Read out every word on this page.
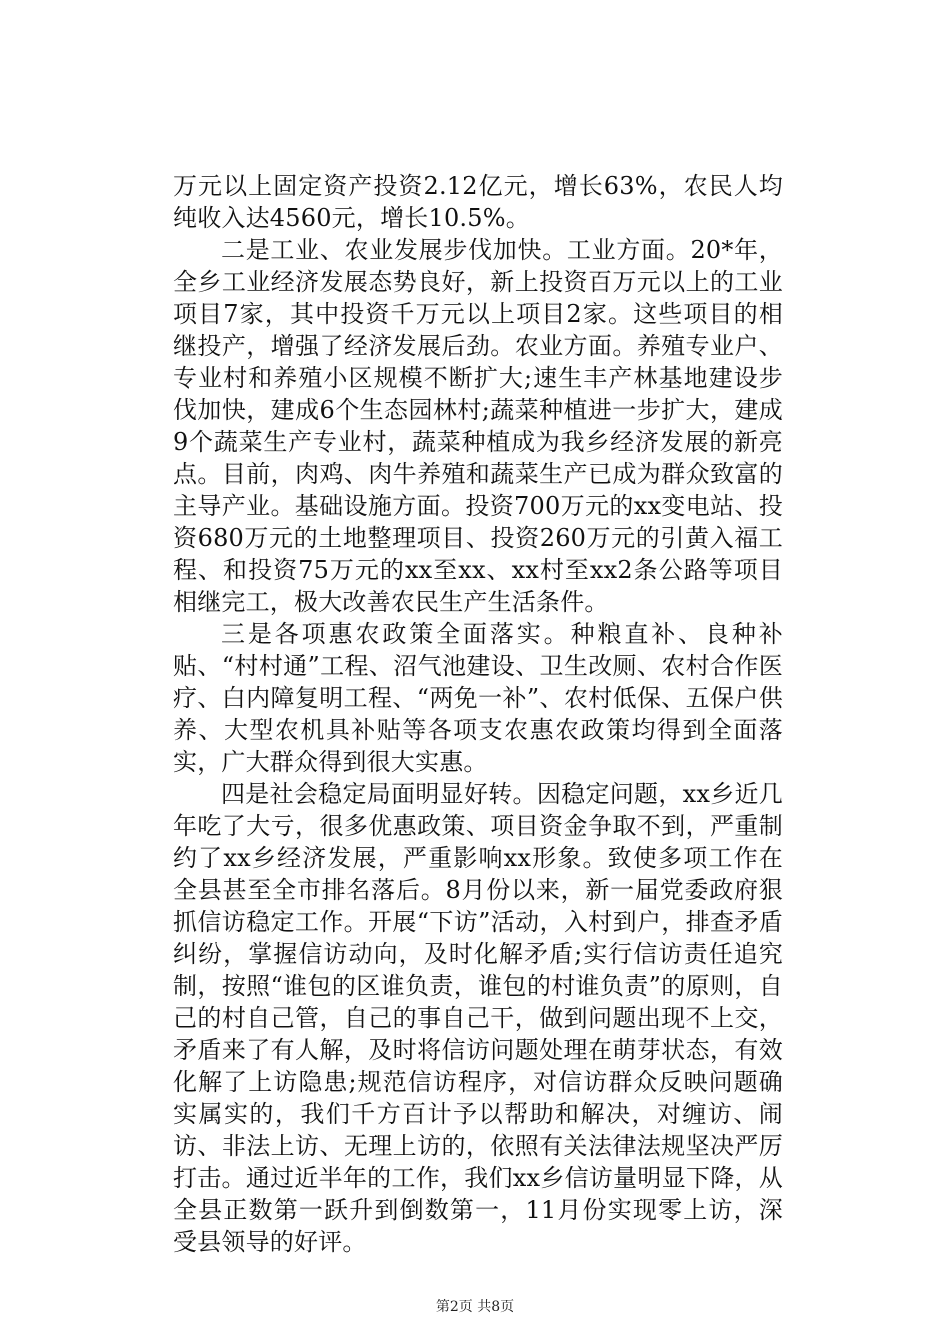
万元以上固定资产投资2.12亿元，增长63%，农民人均纯收入达4560元，增长10.5%。

二是工业、农业发展步伐加快。工业方面。20*年，全乡工业经济发展态势良好，新上投资百万元以上的工业项目7家，其中投资千万元以上项目2家。这些项目的相继投产，增强了经济发展后劲。农业方面。养殖专业户、专业村和养殖小区规模不断扩大;速生丰产林基地建设步伐加快，建成6个生态园林村;蔬菜种植进一步扩大，建成9个蔬菜生产专业村，蔬菜种植成为我乡经济发展的新亮点。目前，肉鸡、肉牛养殖和蔬菜生产已成为群众致富的主导产业。基础设施方面。投资700万元的xx变电站、投资680万元的土地整理项目、投资260万元的引黄入福工程、和投资75万元的xx至xx、xx村至xx2条公路等项目相继完工，极大改善农民生产生活条件。

三是各项惠农政策全面落实。种粮直补、良种补贴、“村村通”工程、沼气池建设、卫生改厕、农村合作医疗、白内障复明工程、“两免一补”、农村低保、五保户供养、大型农机具补贴等各项支农惠农政策均得到全面落实，广大群众得到很大实惠。

四是社会稳定局面明显好转。因稳定问题，xx乡近几年吃了大亏，很多优惠政策、项目资金争取不到，严重制约了xx乡经济发展，严重影响xx形象。致使多项工作在全县甚至全市排名落后。8月份以来，新一届党委政府狠抓信访稳定工作。开展“下访”活动，入村到户，排查矛盾纠纷，掌握信访动向，及时化解矛盾;实行信访责任追究制，按照“谁包的区谁负责，谁包的村谁负责”的原则，自己的村自己管，自己的事自己干，做到问题出现不上交，矛盾来了有人解，及时将信访问题处理在萌芽状态，有效化解了上访隐患;规范信访程序，对信访群众反映问题确实属实的，我们千方百计予以帮助和解决，对缠访、闹访、非法上访、无理上访的，依照有关法律法规坚决严厉打击。通过近半年的工作，我们xx乡信访量明显下降，从全县正数第一跃升到倒数第一，11月份实现零上访，深受县领导的好评。

第2页 共8页
